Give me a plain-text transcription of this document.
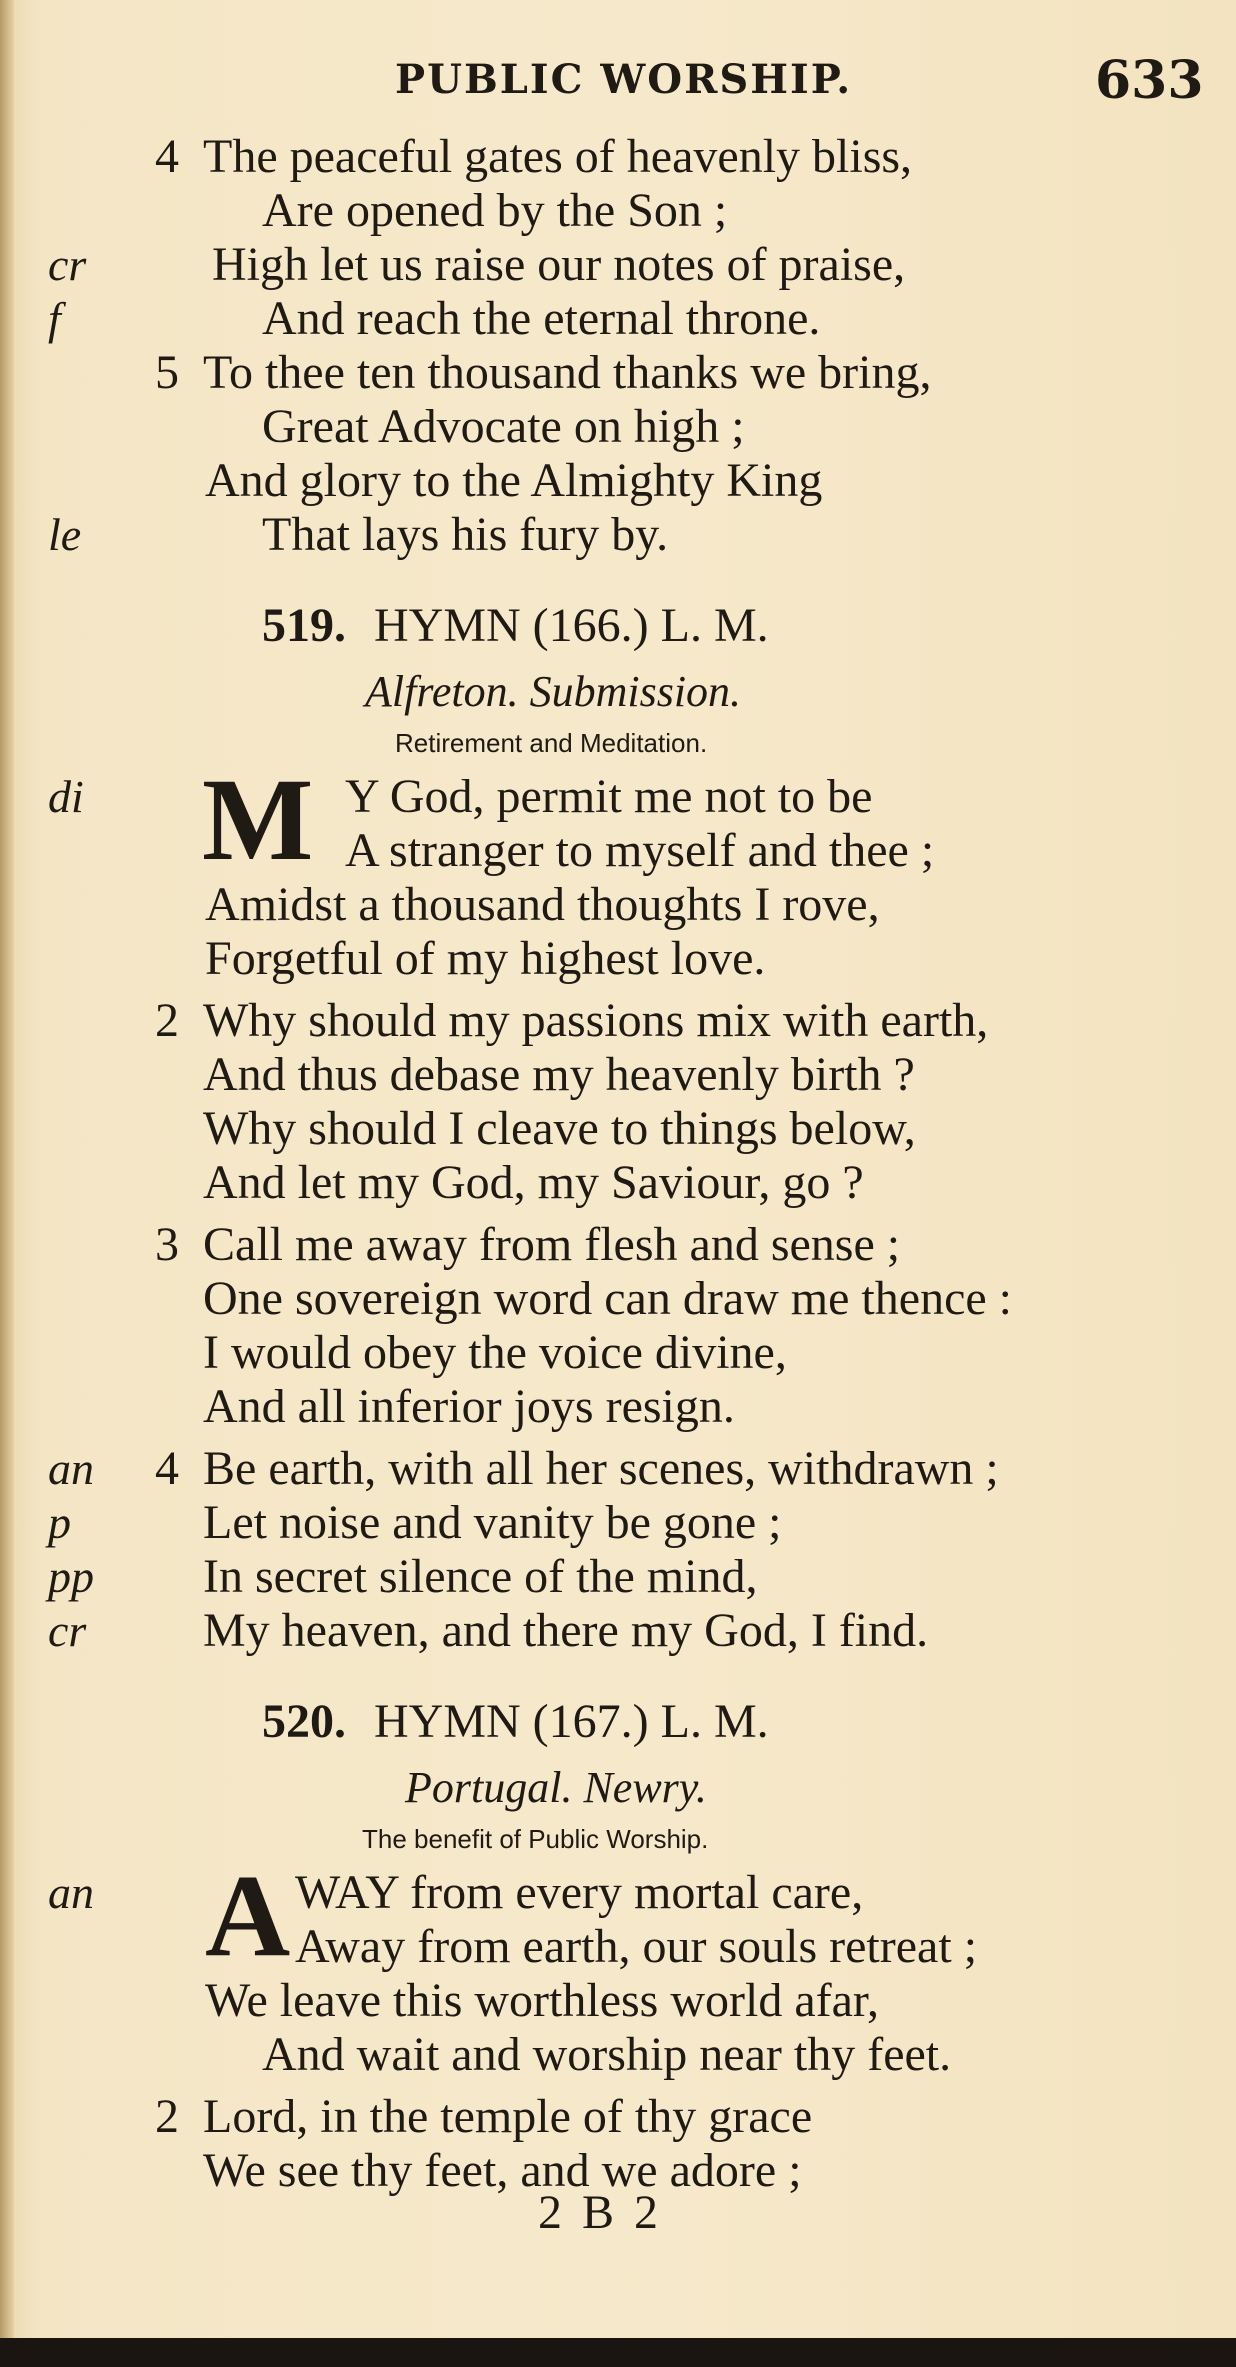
PUBLIC WORSHIP.	633
4 The peaceful gates of heavenly bliss,
Are opened by the Son ;
High let us raise our notes of praise,
And reach the eternal throne.
5 To thee ten thousand thanks we bring,
Great Advocate on high ;
And glory to the Almighty King
That lays his fury by.
cr
f
le
519. HYMN (166.) L. M.
Alfreton. Submission.
Retirement and Meditation.
di M Y God, permit me not to be
A stranger to myself and thee ;
Amidst a thousand thoughts I rove,
Forgetful of my highest love.
2 Why should my passions mix with earth,
And thus debase my heavenly birth ?
Why should I cleave to things below,
And let my God, my Saviour, go ?
3 Call me away from flesh and sense ;
One sovereign word can draw me thence :
I would obey the voice divine,
And all inferior joys resign.
4 Be earth, with all her scenes, withdrawn ;
Let noise and vanity be gone ;
In secret silence of the mind,
My heaven, and there my God, I find.
an
p
pp
cr
520. HYMN (167.) L. M.
Portugal. Newry.
The benefit of Public Worship.
an A WAY from every mortal care,
Away from earth, our souls retreat ;
We leave this worthless world afar,
And wait and worship near thy feet.
2 Lord, in the temple of thy grace
We see thy feet, and we adore ;
2 B 2
